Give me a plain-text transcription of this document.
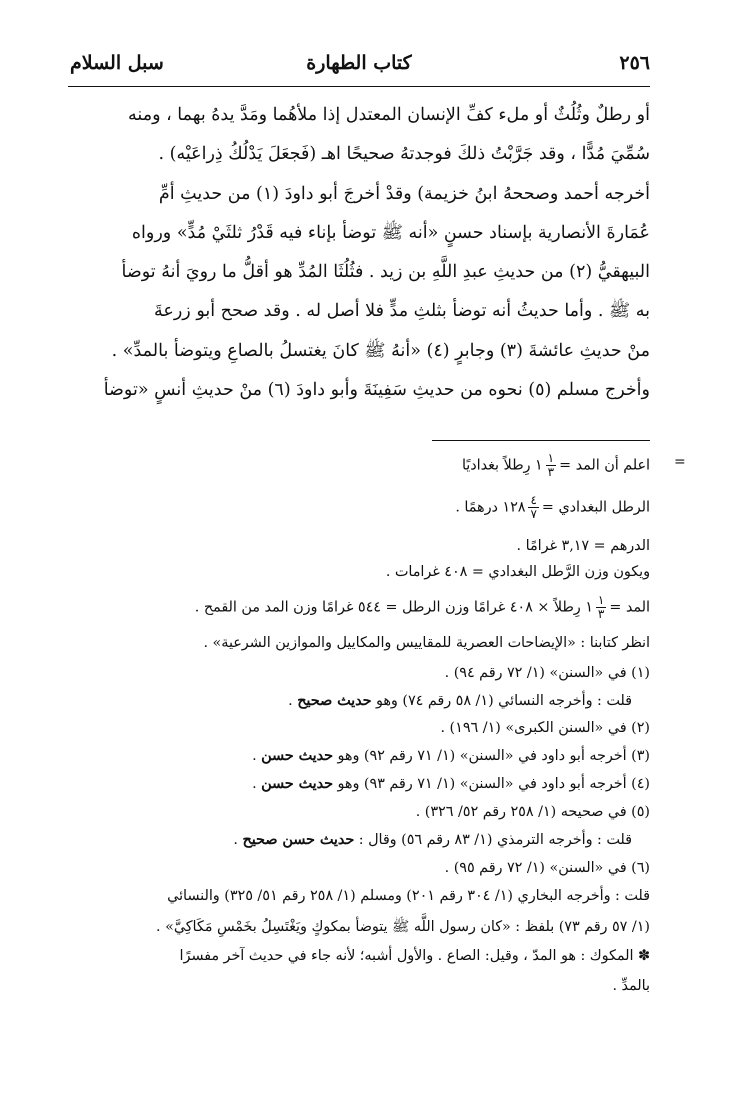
٢٥٦
كتاب الطهارة
سبل السلام
أو رطلٌ وثُلُثٌ أو ملء كفِّ الإنسان المعتدل إذا ملأهُما ومَدَّ يدهُ بهما ، ومنه
سُمِّيَ مُدًّا ، وقد جَرَّبْتُ ذلكَ فوجدتهُ صحيحًا اهـ (فَجعَلَ يَدْلُكُ ذِراعَيْه) .
أخرجه أحمد وصححهُ ابنُ خزيمة) وقدْ أخرجَ أبو داودَ (١) من حديثِ أمِّ
عُمَارةَ الأنصارية بإسناد حسنٍ «أنه ﷺ توضأ بإناء فيه قَدْرُ ثلثَيْ مُدٍّ» ورواه
البيهقيُّ (٢) من حديثِ عبدِ اللَّهِ بن زيد . فثُلُثَا المُدِّ هو أقلُّ ما رويَ أنهُ توضأ
به ﷺ . وأما حديثُ أنه توضأ بثلثِ مدٍّ فلا أصل له . وقد صحح أبو زرعةَ
منْ حديثِ عائشةَ (٣) وجابرٍ (٤) «أنهُ ﷺ كانَ يغتسلُ بالصاعِ ويتوضأ بالمدِّ» .
وأخرج مسلم (٥) نحوه من حديثِ سَفِينَةَ وأبو داودَ (٦) منْ حديثِ أنسٍ «توضأ
=
اعلم أن المد =
$\frac{١}{٣}$
١ رِطلاً بغداديًا
الرطل البغدادي =
$\frac{٤}{٧}$
١٢٨ درهمًا .
الدرهم = ٣,١٧ غرامًا .
ويكون وزن الرَّطل البغدادي = ٤٠٨ غرامات .
المد =
$\frac{١}{٣}$
١ رِطلاً × ٤٠٨ غرامًا وزن الرطل = ٥٤٤ غرامًا وزن المد من القمح .
انظر كتابنا : «الإيضاحات العصرية للمقاييس والمكاييل والموازين الشرعية» .
(١) في «السنن» (١/ ٧٢ رقم ٩٤) .
قلت : وأخرجه النسائي (١/ ٥٨ رقم ٧٤) وهو حديث صحيح .
(٢) في «السنن الكبرى» (١/ ١٩٦) .
(٣) أخرجه أبو داود في «السنن» (١/ ٧١ رقم ٩٢) وهو حديث حسن .
(٤) أخرجه أبو داود في «السنن» (١/ ٧١ رقم ٩٣) وهو حديث حسن .
(٥) في صحيحه (١/ ٢٥٨ رقم ٥٢/ ٣٢٦) .
قلت : وأخرجه الترمذي (١/ ٨٣ رقم ٥٦) وقال : حديث حسن صحيح .
(٦) في «السنن» (١/ ٧٢ رقم ٩٥) .
قلت : وأخرجه البخاري (١/ ٣٠٤ رقم ٢٠١) ومسلم (١/ ٢٥٨ رقم ٥١/ ٣٢٥) والنسائي
(١/ ٥٧ رقم ٧٣) بلفظ : «كان رسول اللَّه ﷺ يتوضأ بمكوكٍ ويَغْتَسِلُ بخَمْسِ مَكَاكِيَّ» .
✽ المكوك : هو المدّ ، وقيل: الصاع . والأول أشبه؛ لأنه جاء في حديث آخر مفسرًا
بالمدِّ .
